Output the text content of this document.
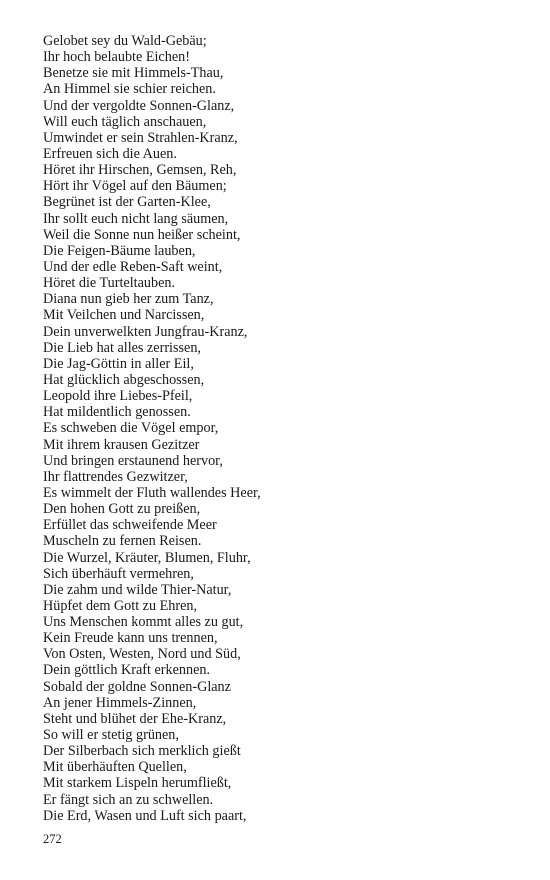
Gelobet sey du Wald-Gebäu;
Ihr hoch belaubte Eichen!
Benetze sie mit Himmels-Thau,
An Himmel sie schier reichen.
Und der vergoldte Sonnen-Glanz,
Will euch täglich anschauen,
Umwindet er sein Strahlen-Kranz,
Erfreuen sich die Auen.
Höret ihr Hirschen, Gemsen, Reh,
Hört ihr Vögel auf den Bäumen;
Begrünet ist der Garten-Klee,
Ihr sollt euch nicht lang säumen,
Weil die Sonne nun heißer scheint,
Die Feigen-Bäume lauben,
Und der edle Reben-Saft weint,
Höret die Turteltauben.
Diana nun gieb her zum Tanz,
Mit Veilchen und Narcissen,
Dein unverwelkten Jungfrau-Kranz,
Die Lieb hat alles zerrissen,
Die Jag-Göttin in aller Eil,
Hat glücklich abgeschossen,
Leopold ihre Liebes-Pfeil,
Hat mildentlich genossen.
Es schweben die Vögel empor,
Mit ihrem krausen Gezitzer
Und bringen erstaunend hervor,
Ihr flattrendes Gezwitzer,
Es wimmelt der Fluth wallendes Heer,
Den hohen Gott zu preißen,
Erfüllet das schweifende Meer
Muscheln zu fernen Reisen.
Die Wurzel, Kräuter, Blumen, Fluhr,
Sich überhäuft vermehren,
Die zahm und wilde Thier-Natur,
Hüpfet dem Gott zu Ehren,
Uns Menschen kommt alles zu gut,
Kein Freude kann uns trennen,
Von Osten, Westen, Nord und Süd,
Dein göttlich Kraft erkennen.
Sobald der goldne Sonnen-Glanz
An jener Himmels-Zinnen,
Steht und blühet der Ehe-Kranz,
So will er stetig grünen,
Der Silberbach sich merklich gießt
Mit überhäuften Quellen,
Mit starkem Lispeln herumfließt,
Er fängt sich an zu schwellen.
Die Erd, Wasen und Luft sich paart,
272
